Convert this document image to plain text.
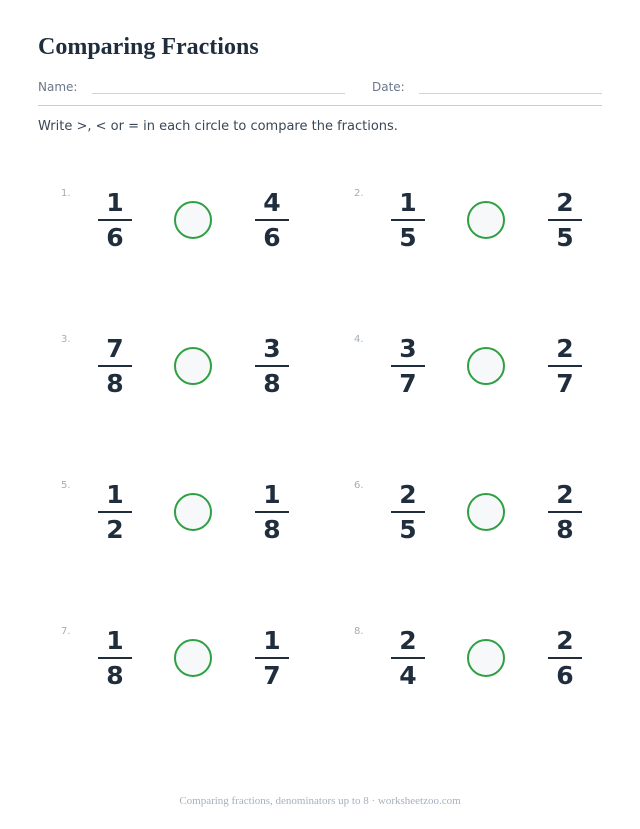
Comparing Fractions
Name:	Date:

Write >, < or = in each circle to compare the fractions.

1.	1
6
4
6
2.	1
5
2
5
3.	7
8
3
8
4.	3
7
2
7
5.	1
2
1
8
6.	2
5
2
8
7.	1
8
1
7
8.	2
4
2
6
Comparing fractions, denominators up to 8 · worksheetzoo.com
